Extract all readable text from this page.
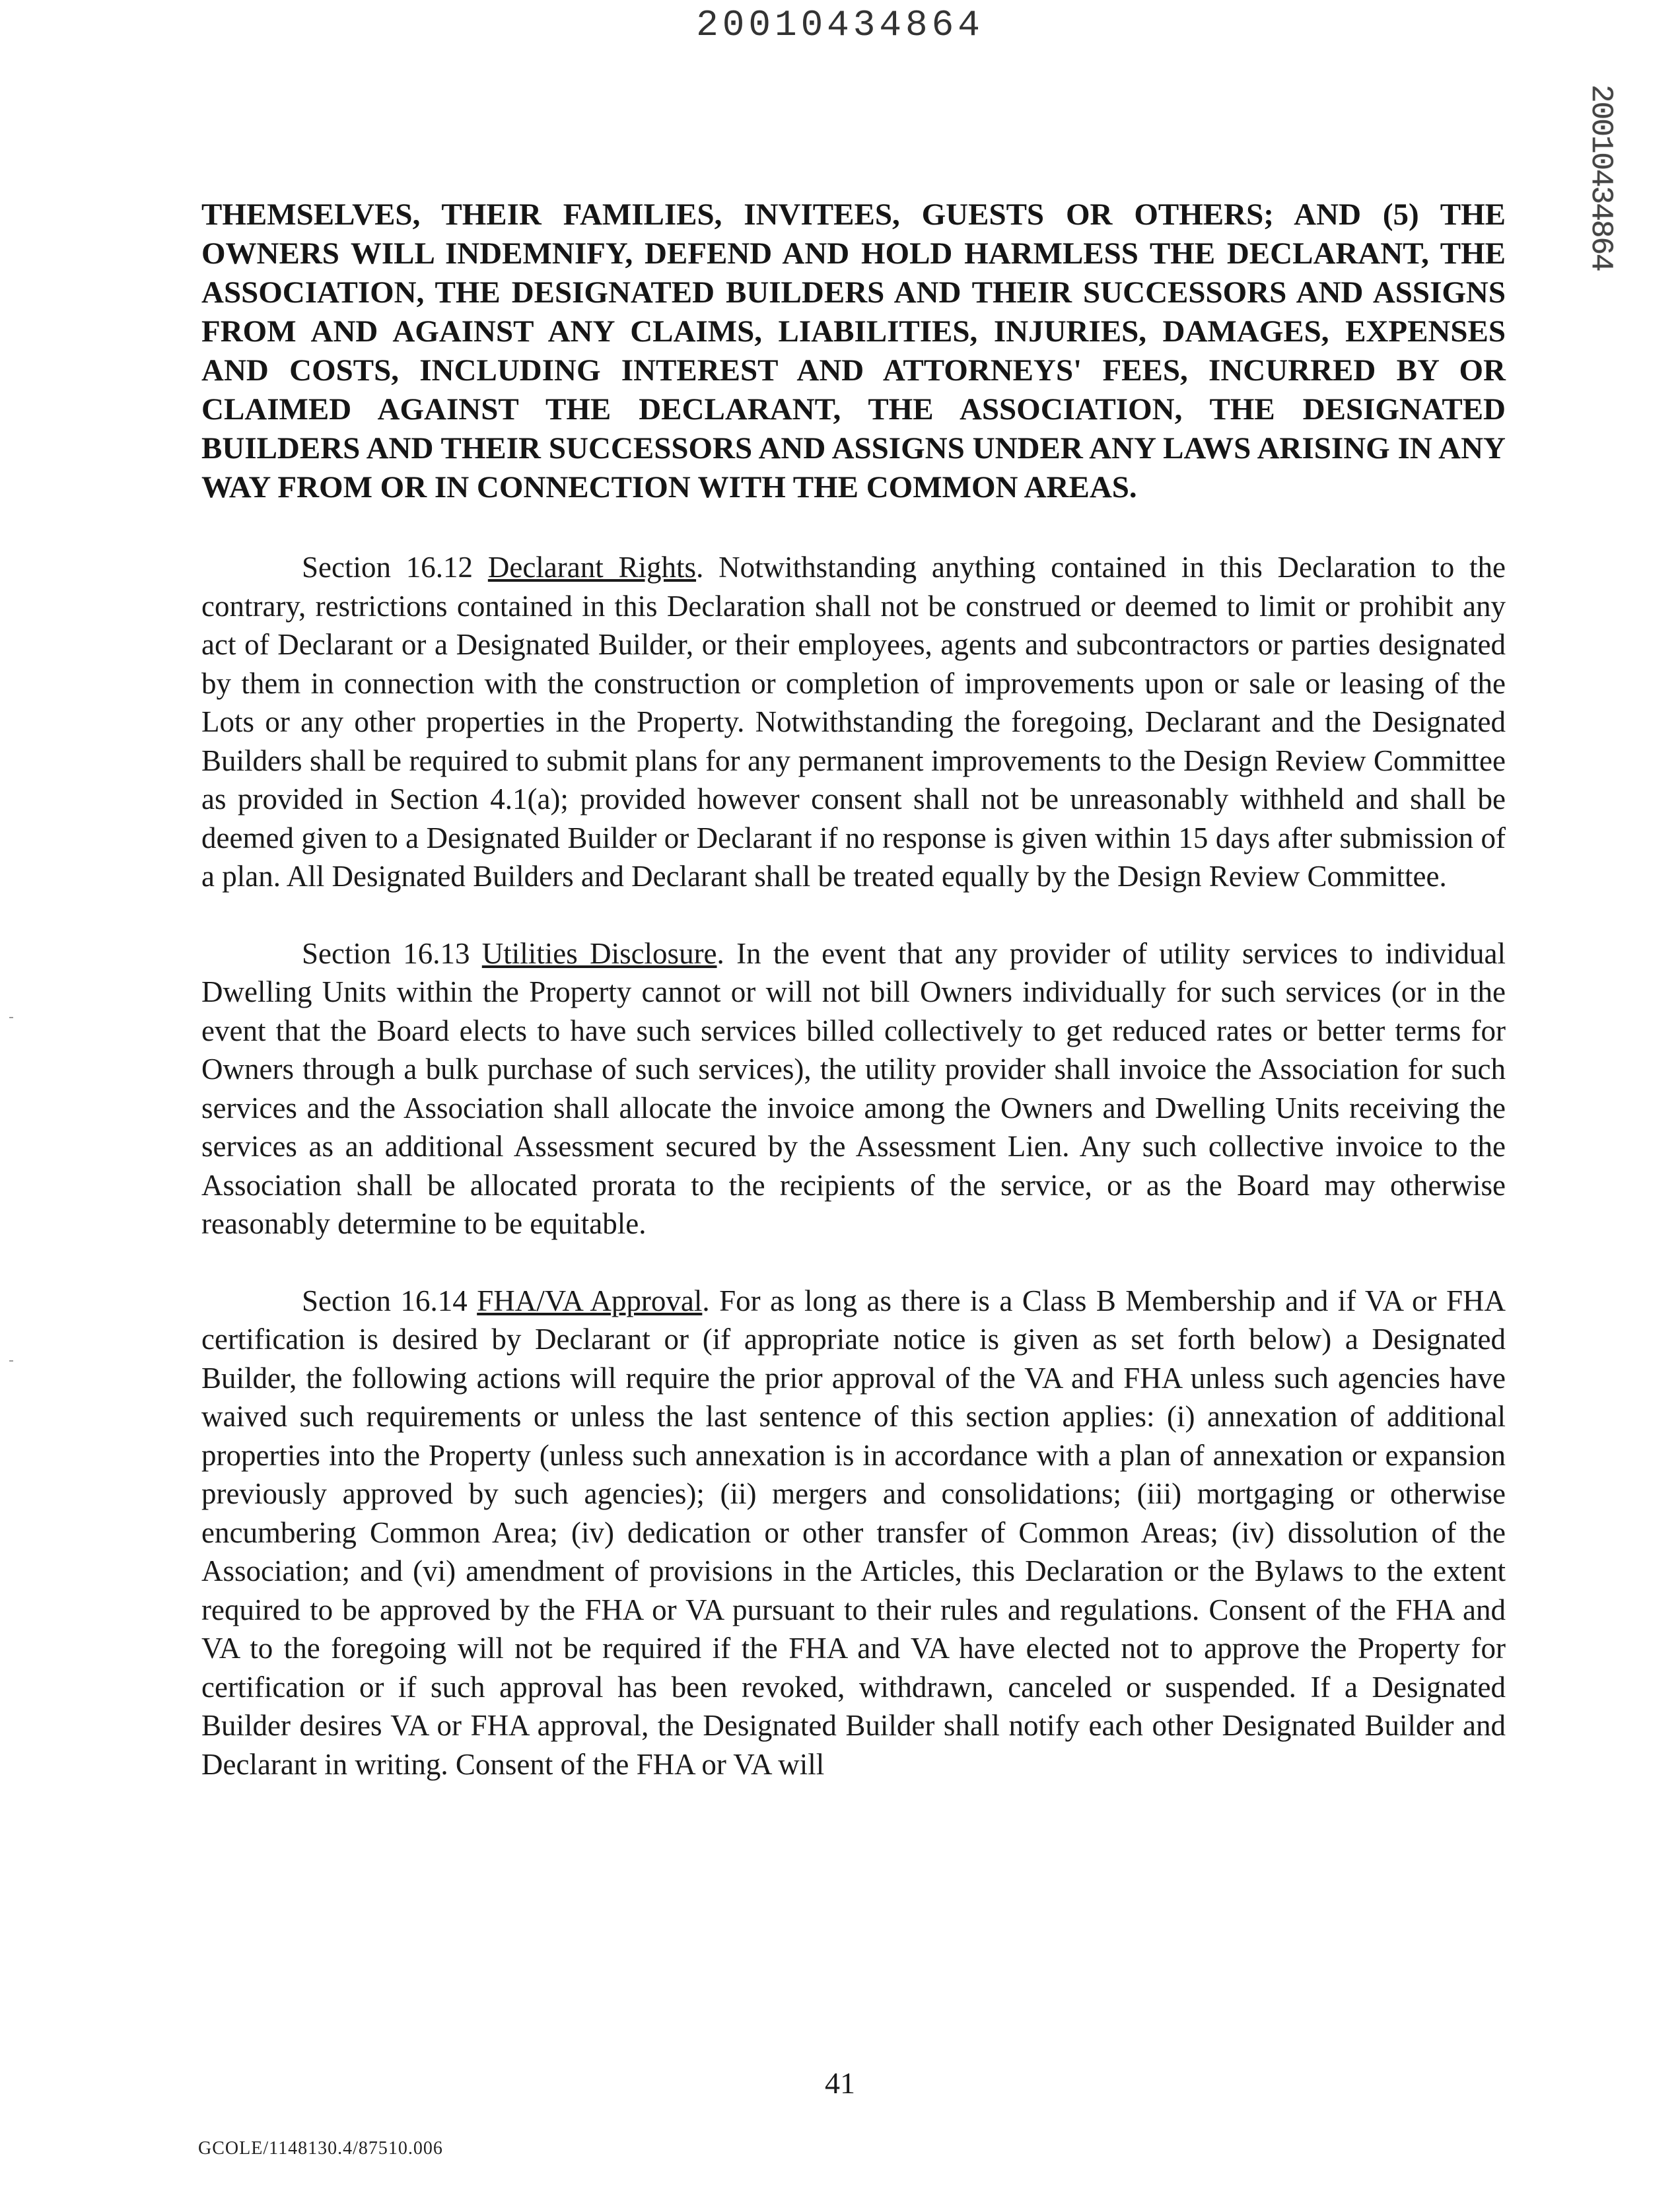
20010434864
20010434864

THEMSELVES, THEIR FAMILIES, INVITEES, GUESTS OR OTHERS; AND (5) THE OWNERS WILL INDEMNIFY, DEFEND AND HOLD HARMLESS THE DECLARANT, THE ASSOCIATION, THE DESIGNATED BUILDERS AND THEIR SUCCESSORS AND ASSIGNS FROM AND AGAINST ANY CLAIMS, LIABILITIES, INJURIES, DAMAGES, EXPENSES AND COSTS, INCLUDING INTEREST AND ATTORNEYS' FEES, INCURRED BY OR CLAIMED AGAINST THE DECLARANT, THE ASSOCIATION, THE DESIGNATED BUILDERS AND THEIR SUCCESSORS AND ASSIGNS UNDER ANY LAWS ARISING IN ANY WAY FROM OR IN CONNECTION WITH THE COMMON AREAS.

Section 16.12 Declarant Rights. Notwithstanding anything contained in this Declaration to the contrary, restrictions contained in this Declaration shall not be construed or deemed to limit or prohibit any act of Declarant or a Designated Builder, or their employees, agents and subcontractors or parties designated by them in connection with the construction or completion of improvements upon or sale or leasing of the Lots or any other properties in the Property. Notwithstanding the foregoing, Declarant and the Designated Builders shall be required to submit plans for any permanent improvements to the Design Review Committee as provided in Section 4.1(a); provided however consent shall not be unreasonably withheld and shall be deemed given to a Designated Builder or Declarant if no response is given within 15 days after submission of a plan. All Designated Builders and Declarant shall be treated equally by the Design Review Committee.

Section 16.13 Utilities Disclosure. In the event that any provider of utility services to individual Dwelling Units within the Property cannot or will not bill Owners individually for such services (or in the event that the Board elects to have such services billed collectively to get reduced rates or better terms for Owners through a bulk purchase of such services), the utility provider shall invoice the Association for such services and the Association shall allocate the invoice among the Owners and Dwelling Units receiving the services as an additional Assessment secured by the Assessment Lien. Any such collective invoice to the Association shall be allocated prorata to the recipients of the service, or as the Board may otherwise reasonably determine to be equitable.

Section 16.14 FHA/VA Approval. For as long as there is a Class B Membership and if VA or FHA certification is desired by Declarant or (if appropriate notice is given as set forth below) a Designated Builder, the following actions will require the prior approval of the VA and FHA unless such agencies have waived such requirements or unless the last sentence of this section applies: (i) annexation of additional properties into the Property (unless such annexation is in accordance with a plan of annexation or expansion previously approved by such agencies); (ii) mergers and consolidations; (iii) mortgaging or otherwise encumbering Common Area; (iv) dedication or other transfer of Common Areas; (iv) dissolution of the Association; and (vi) amendment of provisions in the Articles, this Declaration or the Bylaws to the extent required to be approved by the FHA or VA pursuant to their rules and regulations. Consent of the FHA and VA to the foregoing will not be required if the FHA and VA have elected not to approve the Property for certification or if such approval has been revoked, withdrawn, canceled or suspended. If a Designated Builder desires VA or FHA approval, the Designated Builder shall notify each other Designated Builder and Declarant in writing. Consent of the FHA or VA will

41
GCOLE/1148130.4/87510.006
